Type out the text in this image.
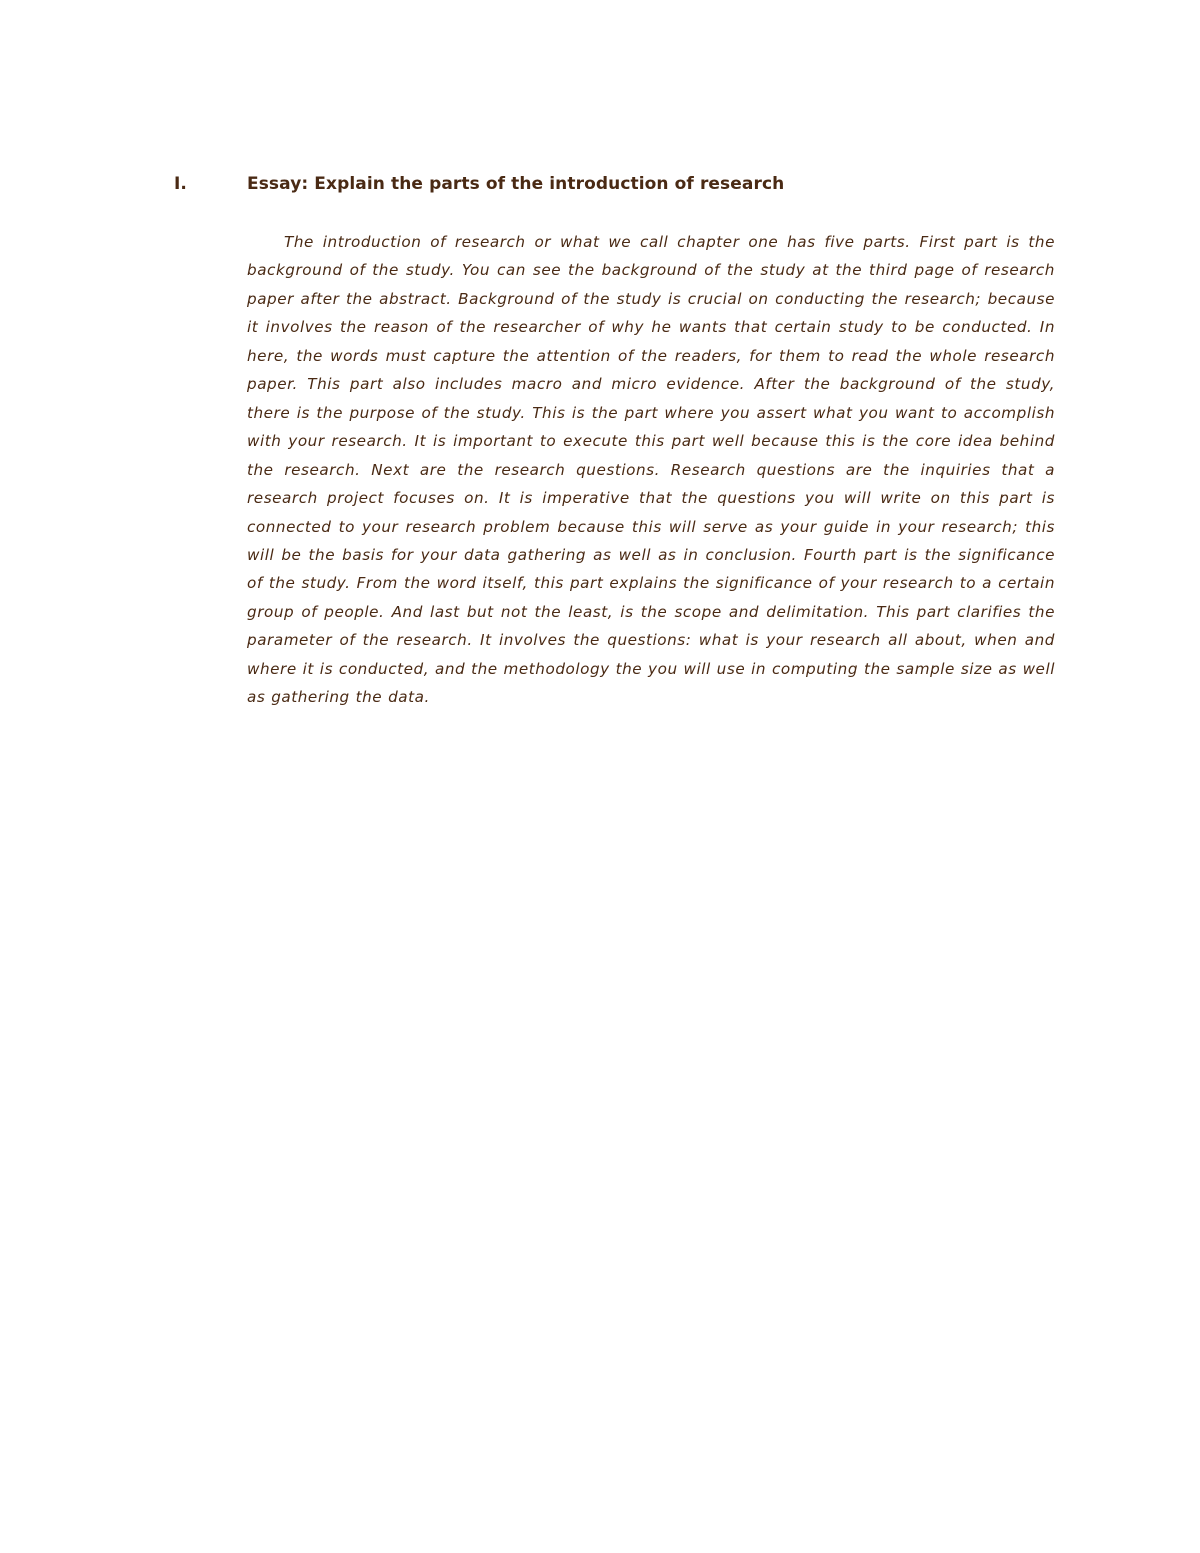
I.	Essay: Explain the parts of the introduction of research

The introduction of research or what we call chapter one has five parts. First part is the background of the study. You can see the background of the study at the third page of research paper after the abstract. Background of the study is crucial on conducting the research; because it involves the reason of the researcher of why he wants that certain study to be conducted. In here, the words must capture the attention of the readers, for them to read the whole research paper. This part also includes macro and micro evidence. After the background of the study, there is the purpose of the study. This is the part where you assert what you want to accomplish with your research. It is important to execute this part well because this is the core idea behind the research. Next are the research questions. Research questions are the inquiries that a research project focuses on. It is imperative that the questions you will write on this part is connected to your research problem because this will serve as your guide in your research; this will be the basis for your data gathering as well as in conclusion. Fourth part is the significance of the study. From the word itself, this part explains the significance of your research to a certain group of people. And last but not the least, is the scope and delimitation. This part clarifies the parameter of the research. It involves the questions: what is your research all about, when and where it is conducted, and the methodology the you will use in computing the sample size as well as gathering the data.
